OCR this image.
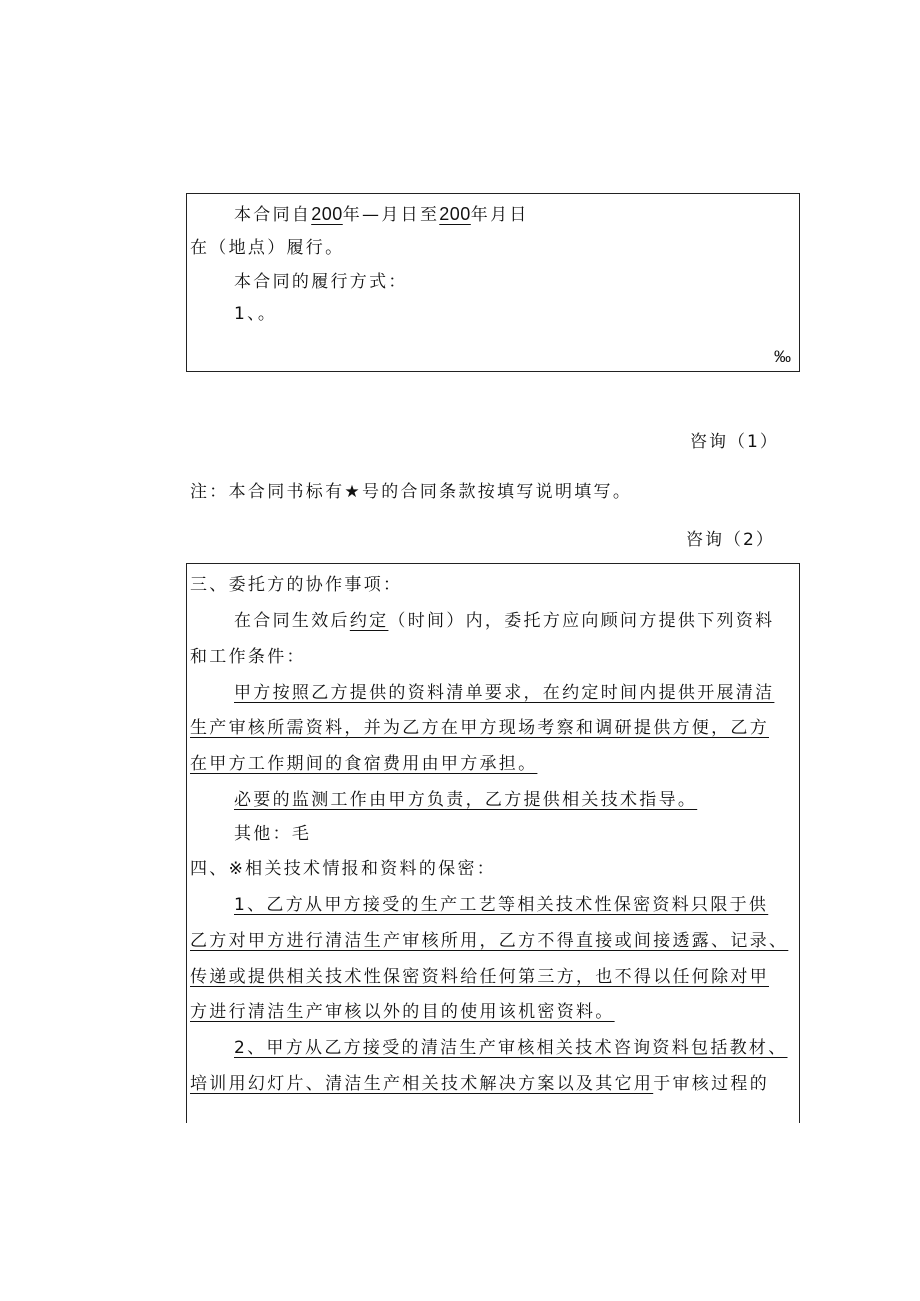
本合同自200年—月日至200年月日
在（地点）履行。
本合同的履行方式：
1、。
‰
咨询（1）
注：本合同书标有★号的合同条款按填写说明填写。
咨询（2）
三、委托方的协作事项：
在合同生效后约定（时间）内，委托方应向顾问方提供下列资料
和工作条件：
甲方按照乙方提供的资料清单要求，在约定时间内提供开展清洁
生产审核所需资料，并为乙方在甲方现场考察和调研提供方便，乙方
在甲方工作期间的食宿费用由甲方承担。
必要的监测工作由甲方负责，乙方提供相关技术指导。
其他：毛
四、※相关技术情报和资料的保密：
1、乙方从甲方接受的生产工艺等相关技术性保密资料只限于供
乙方对甲方进行清洁生产审核所用，乙方不得直接或间接透露、记录、
传递或提供相关技术性保密资料给任何第三方，也不得以任何除对甲
方进行清洁生产审核以外的目的使用该机密资料。
2、甲方从乙方接受的清洁生产审核相关技术咨询资料包括教材、
培训用幻灯片、清洁生产相关技术解决方案以及其它用于审核过程的
